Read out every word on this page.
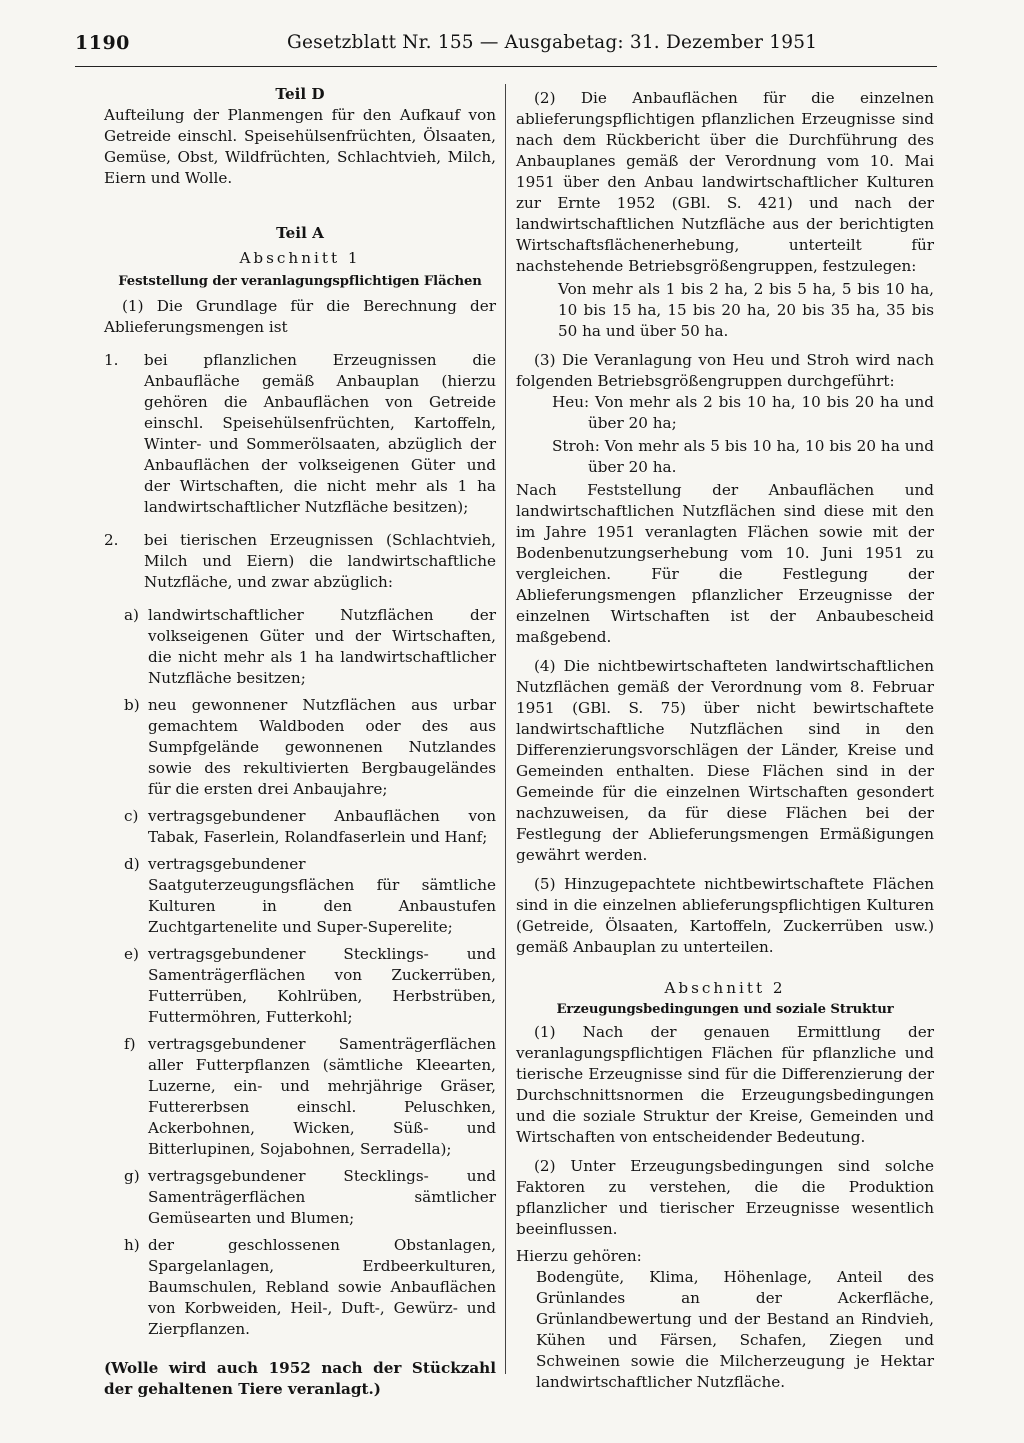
1190	Gesetzblatt Nr. 155 — Ausgabetag: 31. Dezember 1951

Teil D

Aufteilung der Planmengen für den Aufkauf von Getreide einschl. Speisehülsenfrüchten, Ölsaaten, Gemüse, Obst, Wildfrüchten, Schlachtvieh, Milch, Eiern und Wolle.

Teil A

Abschnitt 1

Feststellung der veranlagungspflichtigen Flächen

(1) Die Grundlage für die Berechnung der Ablieferungsmengen ist

1. bei pflanzlichen Erzeugnissen die Anbaufläche gemäß Anbauplan (hierzu gehören die Anbauflächen von Getreide einschl. Speisehülsenfrüchten, Kartoffeln, Winter- und Sommerölsaaten, abzüglich der Anbauflächen der volkseigenen Güter und der Wirtschaften, die nicht mehr als 1 ha landwirtschaftlicher Nutzfläche besitzen);
2. bei tierischen Erzeugnissen (Schlachtvieh, Milch und Eiern) die landwirtschaftliche Nutzfläche, und zwar abzüglich:
a) landwirtschaftlicher Nutzflächen der volkseigenen Güter und der Wirtschaften, die nicht mehr als 1 ha landwirtschaftlicher Nutzfläche besitzen;
b) neu gewonnener Nutzflächen aus urbar gemachtem Waldboden oder des aus Sumpfgelände gewonnenen Nutzlandes sowie des rekultivierten Bergbaugeländes für die ersten drei Anbaujahre;
c) vertragsgebundener Anbauflächen von Tabak, Faserlein, Rolandfaserlein und Hanf;
d) vertragsgebundener Saatguterzeugungsflächen für sämtliche Kulturen in den Anbaustufen Zuchtgartenelite und Super-Superelite;
e) vertragsgebundener Stecklings- und Samenträgerflächen von Zuckerrüben, Futterrüben, Kohlrüben, Herbstrüben, Futtermöhren, Futterkohl;
f) vertragsgebundener Samenträgerflächen aller Futterpflanzen (sämtliche Kleearten, Luzerne, ein- und mehrjährige Gräser, Futtererbsen einschl. Peluschken, Ackerbohnen, Wicken, Süß- und Bitterlupinen, Sojabohnen, Serradella);
g) vertragsgebundener Stecklings- und Samenträgerflächen sämtlicher Gemüsearten und Blumen;
h) der geschlossenen Obstanlagen, Spargelanlagen, Erdbeerkulturen, Baumschulen, Rebland sowie Anbauflächen von Korbweiden, Heil-, Duft-, Gewürz- und Zierpflanzen.

(Wolle wird auch 1952 nach der Stückzahl der gehaltenen Tiere veranlagt.)

(2) Die Anbauflächen für die einzelnen ablieferungspflichtigen pflanzlichen Erzeugnisse sind nach dem Rückbericht über die Durchführung des Anbauplanes gemäß der Verordnung vom 10. Mai 1951 über den Anbau landwirtschaftlicher Kulturen zur Ernte 1952 (GBl. S. 421) und nach der landwirtschaftlichen Nutzfläche aus der berichtigten Wirtschaftsflächenerhebung, unterteilt für nachstehende Betriebsgrößengruppen, festzulegen:

Von mehr als 1 bis 2 ha, 2 bis 5 ha, 5 bis 10 ha, 10 bis 15 ha, 15 bis 20 ha, 20 bis 35 ha, 35 bis 50 ha und über 50 ha.

(3) Die Veranlagung von Heu und Stroh wird nach folgenden Betriebsgrößengruppen durchgeführt:

Heu: Von mehr als 2 bis 10 ha, 10 bis 20 ha und über 20 ha;

Stroh: Von mehr als 5 bis 10 ha, 10 bis 20 ha und über 20 ha.

Nach Feststellung der Anbauflächen und landwirtschaftlichen Nutzflächen sind diese mit den im Jahre 1951 veranlagten Flächen sowie mit der Bodenbenutzungserhebung vom 10. Juni 1951 zu vergleichen. Für die Festlegung der Ablieferungsmengen pflanzlicher Erzeugnisse der einzelnen Wirtschaften ist der Anbaubescheid maßgebend.

(4) Die nichtbewirtschafteten landwirtschaftlichen Nutzflächen gemäß der Verordnung vom 8. Februar 1951 (GBl. S. 75) über nicht bewirtschaftete landwirtschaftliche Nutzflächen sind in den Differenzierungsvorschlägen der Länder, Kreise und Gemeinden enthalten. Diese Flächen sind in der Gemeinde für die einzelnen Wirtschaften gesondert nachzuweisen, da für diese Flächen bei der Festlegung der Ablieferungsmengen Ermäßigungen gewährt werden.

(5) Hinzugepachtete nichtbewirtschaftete Flächen sind in die einzelnen ablieferungspflichtigen Kulturen (Getreide, Ölsaaten, Kartoffeln, Zuckerrüben usw.) gemäß Anbauplan zu unterteilen.

Abschnitt 2

Erzeugungsbedingungen und soziale Struktur

(1) Nach der genauen Ermittlung der veranlagungspflichtigen Flächen für pflanzliche und tierische Erzeugnisse sind für die Differenzierung der Durchschnittsnormen die Erzeugungsbedingungen und die soziale Struktur der Kreise, Gemeinden und Wirtschaften von entscheidender Bedeutung.

(2) Unter Erzeugungsbedingungen sind solche Faktoren zu verstehen, die die Produktion pflanzlicher und tierischer Erzeugnisse wesentlich beeinflussen.

Hierzu gehören:

Bodengüte, Klima, Höhenlage, Anteil des Grünlandes an der Ackerfläche, Grünlandbewertung und der Bestand an Rindvieh, Kühen und Färsen, Schafen, Ziegen und Schweinen sowie die Milcherzeugung je Hektar landwirtschaftlicher Nutzfläche.
